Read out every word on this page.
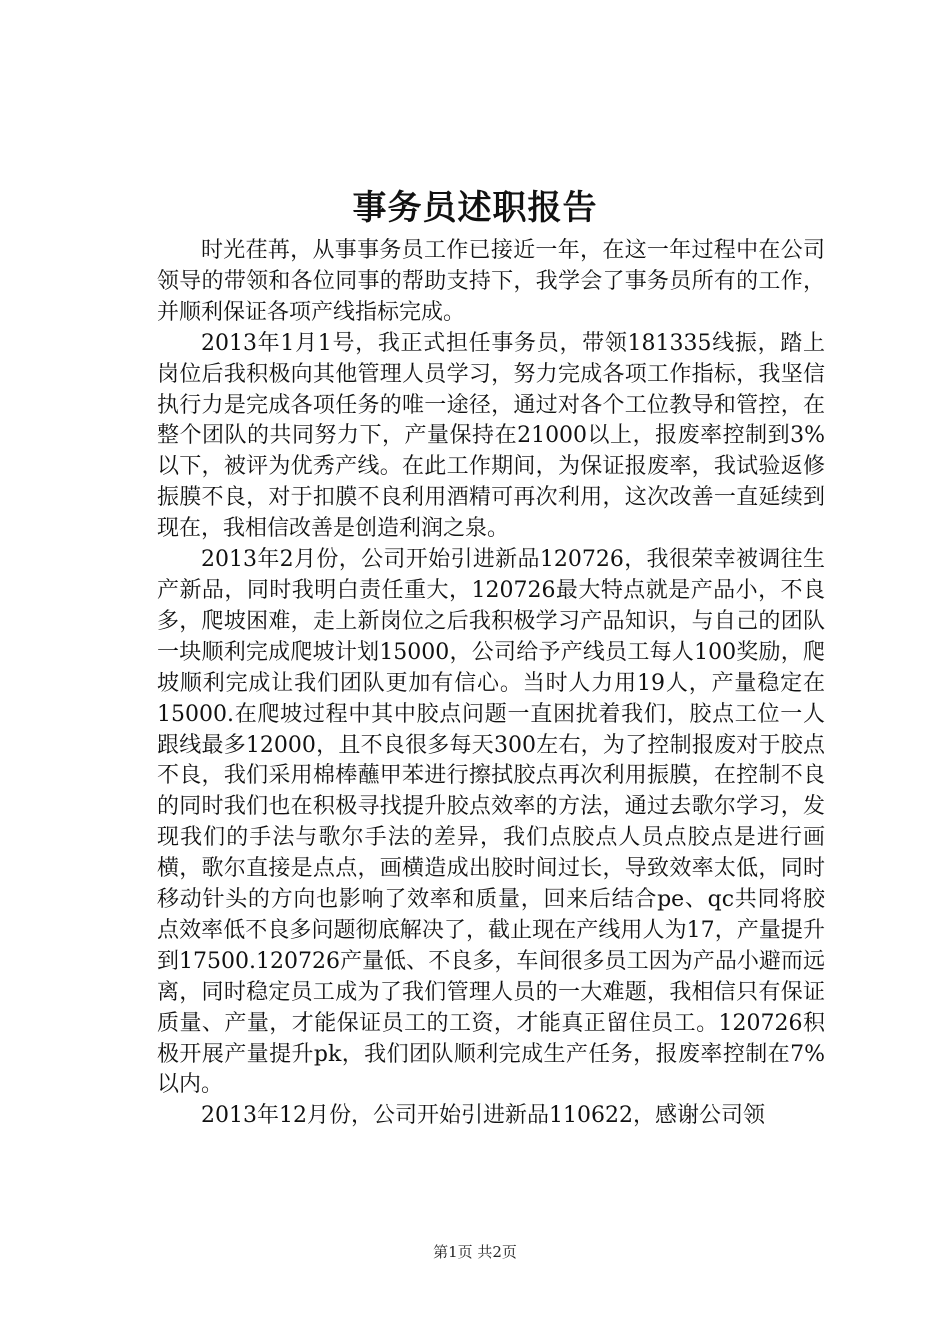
事务员述职报告

时光荏苒，从事事务员工作已接近一年，在这一年过程中在公司领导的带领和各位同事的帮助支持下，我学会了事务员所有的工作，并顺利保证各项产线指标完成。

2013年1月1号，我正式担任事务员，带领181335线振，踏上岗位后我积极向其他管理人员学习，努力完成各项工作指标，我坚信执行力是完成各项任务的唯一途径，通过对各个工位教导和管控，在整个团队的共同努力下，产量保持在21000以上，报废率控制到3%以下，被评为优秀产线。在此工作期间，为保证报废率，我试验返修振膜不良，对于扣膜不良利用酒精可再次利用，这次改善一直延续到现在，我相信改善是创造利润之泉。

2013年2月份，公司开始引进新品120726，我很荣幸被调往生产新品，同时我明白责任重大，120726最大特点就是产品小，不良多，爬坡困难，走上新岗位之后我积极学习产品知识，与自己的团队一块顺利完成爬坡计划15000，公司给予产线员工每人100奖励，爬坡顺利完成让我们团队更加有信心。当时人力用19人，产量稳定在15000.在爬坡过程中其中胶点问题一直困扰着我们，胶点工位一人跟线最多12000，且不良很多每天300左右，为了控制报废对于胶点不良，我们采用棉棒蘸甲苯进行擦拭胶点再次利用振膜，在控制不良的同时我们也在积极寻找提升胶点效率的方法，通过去歌尔学习，发现我们的手法与歌尔手法的差异，我们点胶点人员点胶点是进行画横，歌尔直接是点点，画横造成出胶时间过长，导致效率太低，同时移动针头的方向也影响了效率和质量，回来后结合pe、qc共同将胶点效率低不良多问题彻底解决了，截止现在产线用人为17，产量提升到17500.120726产量低、不良多，车间很多员工因为产品小避而远离，同时稳定员工成为了我们管理人员的一大难题，我相信只有保证质量、产量，才能保证员工的工资，才能真正留住员工。120726积极开展产量提升pk，我们团队顺利完成生产任务，报废率控制在7%以内。

2013年12月份，公司开始引进新品110622，感谢公司领

第1页 共2页
